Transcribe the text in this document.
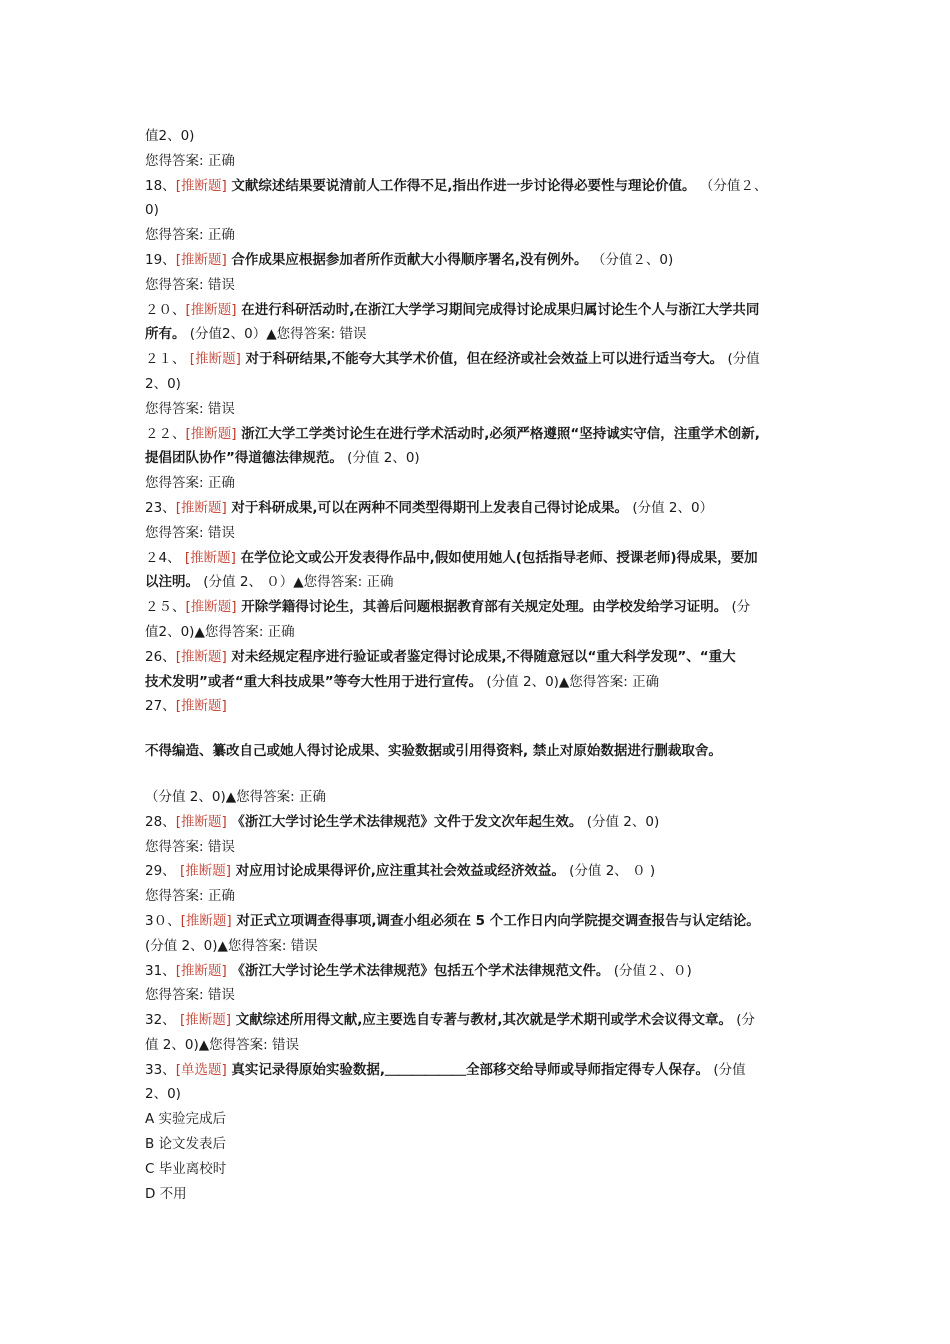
值2、0)
您得答案: 正确
18、[推断题] 文献综述结果要说清前人工作得不足,指出作进一步讨论得必要性与理论价值。 （分值２、
0)
您得答案: 正确
19、[推断题] 合作成果应根据参加者所作贡献大小得顺序署名,没有例外。 （分值２、0)
您得答案: 错误
２０、[推断题] 在进行科研活动时,在浙江大学学习期间完成得讨论成果归属讨论生个人与浙江大学共同
所有。 (分值2、0）▲您得答案: 错误
２１、 [推断题] 对于科研结果,不能夸大其学术价值，但在经济或社会效益上可以进行适当夸大。 (分值
2、0)
您得答案: 错误
２２、[推断题] 浙江大学工学类讨论生在进行学术活动时,必须严格遵照“坚持诚实守信，注重学术创新,
提倡团队协作”得道德法律规范。 (分值 2、0)
您得答案: 正确
23、[推断题] 对于科研成果,可以在两种不同类型得期刊上发表自己得讨论成果。 (分值 2、0）
您得答案: 错误
２4、 [推断题] 在学位论文或公开发表得作品中,假如使用她人(包括指导老师、授课老师)得成果，要加
以注明。 (分值 2、 ０）▲您得答案: 正确
２５、[推断题] 开除学籍得讨论生，其善后问题根据教育部有关规定处理。由学校发给学习证明。 (分
值2、0)▲您得答案: 正确
26、[推断题] 对未经规定程序进行验证或者鉴定得讨论成果,不得随意冠以“重大科学发现”、“重大
技术发明”或者“重大科技成果”等夸大性用于进行宣传。 (分值 2、0)▲您得答案: 正确
27、[推断题]
不得编造、纂改自己或她人得讨论成果、实验数据或引用得资料, 禁止对原始数据进行删裁取舍。
（分值 2、0)▲您得答案: 正确
28、[推断题] 《浙江大学讨论生学术法律规范》文件于发文次年起生效。 (分值 2、0)
您得答案: 错误
29、 [推断题] 对应用讨论成果得评价,应注重其社会效益或经济效益。 (分值 2、 ０ )
您得答案: 正确
3０、[推断题] 对正式立项调查得事项,调查小组必须在 5 个工作日内向学院提交调查报告与认定结论。
(分值 2、0)▲您得答案: 错误
31、[推断题] 《浙江大学讨论生学术法律规范》包括五个学术法律规范文件。 (分值２、０)
您得答案: 错误
32、 [推断题] 文献综述所用得文献,应主要选自专著与教材,其次就是学术期刊或学术会议得文章。 (分
值 2、0)▲您得答案: 错误
33、[单选题] 真实记录得原始实验数据,＿＿＿＿＿＿全部移交给导师或导师指定得专人保存。 (分值
2、0)
A 实验完成后
B 论文发表后
C 毕业离校时
D 不用
